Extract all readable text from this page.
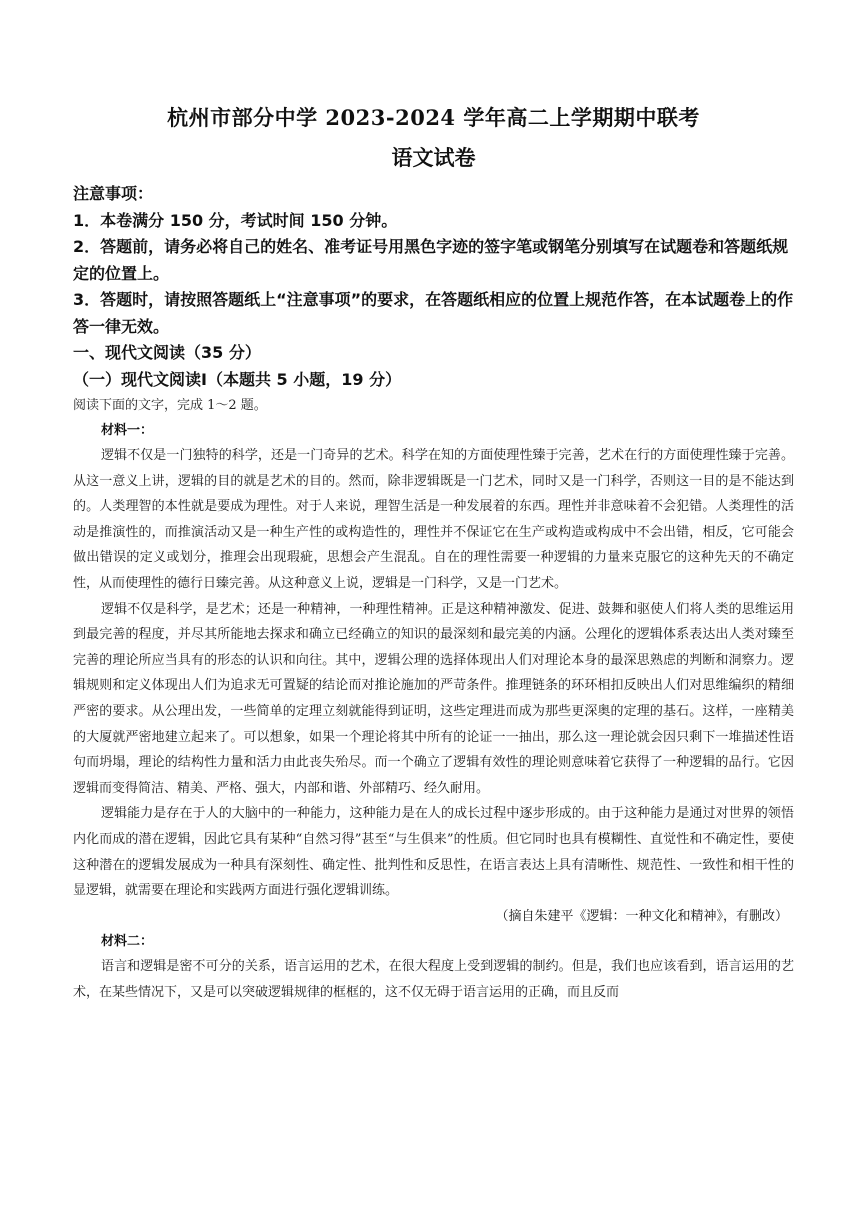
杭州市部分中学 2023-2024 学年高二上学期期中联考
语文试卷

注意事项：

1．本卷满分 150 分，考试时间 150 分钟。

2．答题前，请务必将自己的姓名、准考证号用黑色字迹的签字笔或钢笔分别填写在试题卷和答题纸规定的位置上。

3．答题时，请按照答题纸上“注意事项”的要求，在答题纸相应的位置上规范作答，在本试题卷上的作答一律无效。

一、现代文阅读（35 分）

（一）现代文阅读Ⅰ（本题共 5 小题，19 分）

阅读下面的文字，完成 1～2 题。

材料一：

逻辑不仅是一门独特的科学，还是一门奇异的艺术。科学在知的方面使理性臻于完善，艺术在行的方面使理性臻于完善。从这一意义上讲，逻辑的目的就是艺术的目的。然而，除非逻辑既是一门艺术，同时又是一门科学，否则这一目的是不能达到的。人类理智的本性就是要成为理性。对于人来说，理智生活是一种发展着的东西。理性并非意味着不会犯错。人类理性的活动是推演性的，而推演活动又是一种生产性的或构造性的，理性并不保证它在生产或构造或构成中不会出错，相反，它可能会做出错误的定义或划分，推理会出现瑕疵，思想会产生混乱。自在的理性需要一种逻辑的力量来克服它的这种先天的不确定性，从而使理性的德行日臻完善。从这种意义上说，逻辑是一门科学，又是一门艺术。

逻辑不仅是科学，是艺术；还是一种精神，一种理性精神。正是这种精神激发、促进、鼓舞和驱使人们将人类的思维运用到最完善的程度，并尽其所能地去探求和确立已经确立的知识的最深刻和最完美的内涵。公理化的逻辑体系表达出人类对臻至完善的理论所应当具有的形态的认识和向往。其中，逻辑公理的选择体现出人们对理论本身的最深思熟虑的判断和洞察力。逻辑规则和定义体现出人们为追求无可置疑的结论而对推论施加的严苛条件。推理链条的环环相扣反映出人们对思维编织的精细严密的要求。从公理出发，一些简单的定理立刻就能得到证明，这些定理进而成为那些更深奥的定理的基石。这样，一座精美的大厦就严密地建立起来了。可以想象，如果一个理论将其中所有的论证一一抽出，那么这一理论就会因只剩下一堆描述性语句而坍塌，理论的结构性力量和活力由此丧失殆尽。而一个确立了逻辑有效性的理论则意味着它获得了一种逻辑的品行。它因逻辑而变得简洁、精美、严格、强大，内部和谐、外部精巧、经久耐用。

逻辑能力是存在于人的大脑中的一种能力，这种能力是在人的成长过程中逐步形成的。由于这种能力是通过对世界的领悟内化而成的潜在逻辑，因此它具有某种“自然习得”甚至“与生俱来”的性质。但它同时也具有模糊性、直觉性和不确定性，要使这种潜在的逻辑发展成为一种具有深刻性、确定性、批判性和反思性，在语言表达上具有清晰性、规范性、一致性和相干性的显逻辑，就需要在理论和实践两方面进行强化逻辑训练。

（摘自朱建平《逻辑：一种文化和精神》，有删改）

材料二：

语言和逻辑是密不可分的关系，语言运用的艺术，在很大程度上受到逻辑的制约。但是，我们也应该看到，语言运用的艺术，在某些情况下，又是可以突破逻辑规律的框框的，这不仅无碍于语言运用的正确，而且反而
